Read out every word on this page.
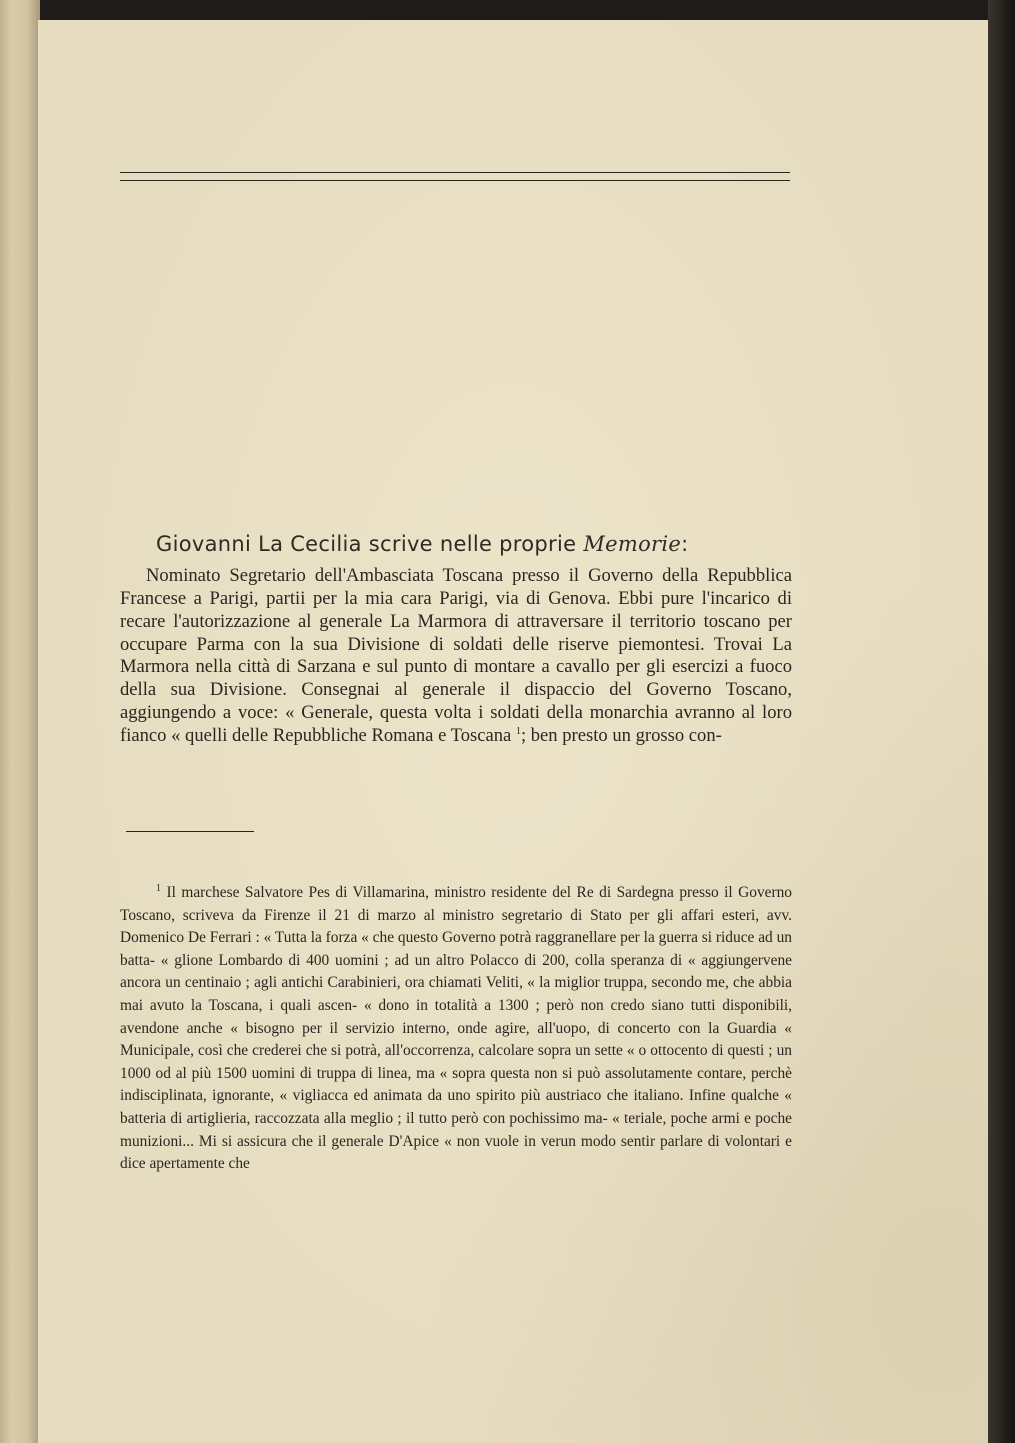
Giovanni La Cecilia scrive nelle proprie Memorie:
Nominato Segretario dell'Ambasciata Toscana presso il Governo della Repubblica Francese a Parigi, partii per la mia cara Parigi, via di Genova. Ebbi pure l'incarico di recare l'autorizzazione al generale La Marmora di attraversare il territorio toscano per occupare Parma con la sua Divisione di soldati delle riserve piemontesi. Trovai La Marmora nella città di Sarzana e sul punto di montare a cavallo per gli esercizi a fuoco della sua Divisione. Consegnai al generale il dispaccio del Governo Toscano, aggiungendo a voce: « Generale, questa volta i soldati della monarchia avranno al loro fianco « quelli delle Repubbliche Romana e Toscana $^1$; ben presto un grosso con-
$^1$ Il marchese Salvatore Pes di Villamarina, ministro residente del Re di Sardegna presso il Governo Toscano, scriveva da Firenze il 21 di marzo al ministro segretario di Stato per gli affari esteri, avv. Domenico De Ferrari : « Tutta la forza « che questo Governo potrà raggranellare per la guerra si riduce ad un batta- « glione Lombardo di 400 uomini ; ad un altro Polacco di 200, colla speranza di « aggiungervene ancora un centinaio ; agli antichi Carabinieri, ora chiamati Veliti, « la miglior truppa, secondo me, che abbia mai avuto la Toscana, i quali ascen- « dono in totalità a 1300 ; però non credo siano tutti disponibili, avendone anche « bisogno per il servizio interno, onde agire, all'uopo, di concerto con la Guardia « Municipale, così che crederei che si potrà, all'occorrenza, calcolare sopra un sette « o ottocento di questi ; un 1000 od al più 1500 uomini di truppa di linea, ma « sopra questa non si può assolutamente contare, perchè indisciplinata, ignorante, « vigliacca ed animata da uno spirito più austriaco che italiano. Infine qualche « batteria di artiglieria, raccozzata alla meglio ; il tutto però con pochissimo ma- « teriale, poche armi e poche munizioni... Mi si assicura che il generale D'Apice « non vuole in verun modo sentir parlare di volontari e dice apertamente che
